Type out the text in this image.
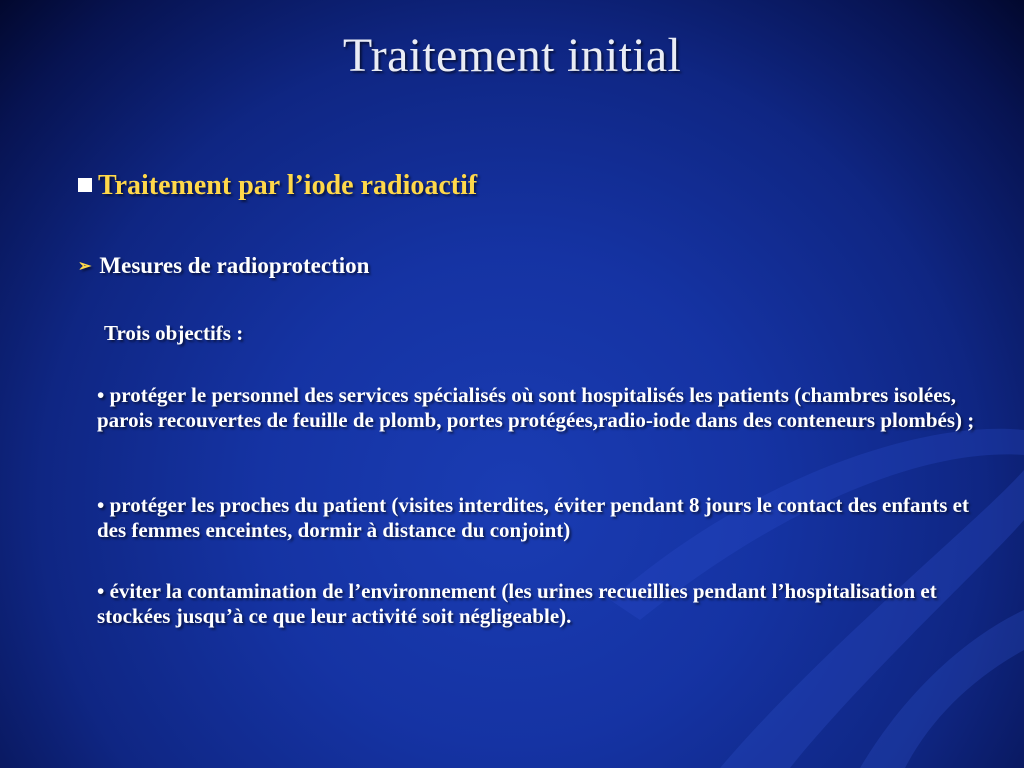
Traitement initial
Traitement par l’iode radioactif
➢ Mesures de radioprotection
Trois objectifs :
• protéger le personnel des services spécialisés où sont hospitalisés les patients (chambres isolées, parois recouvertes de feuille de plomb, portes protégées,radio-iode dans des conteneurs plombés) ;
• protéger les proches du patient (visites interdites, éviter pendant 8 jours le contact des enfants et des femmes enceintes, dormir à distance du conjoint)
• éviter la contamination de l’environnement (les urines recueillies pendant l’hospitalisation et stockées jusqu’à ce que leur activité soit négligeable).
